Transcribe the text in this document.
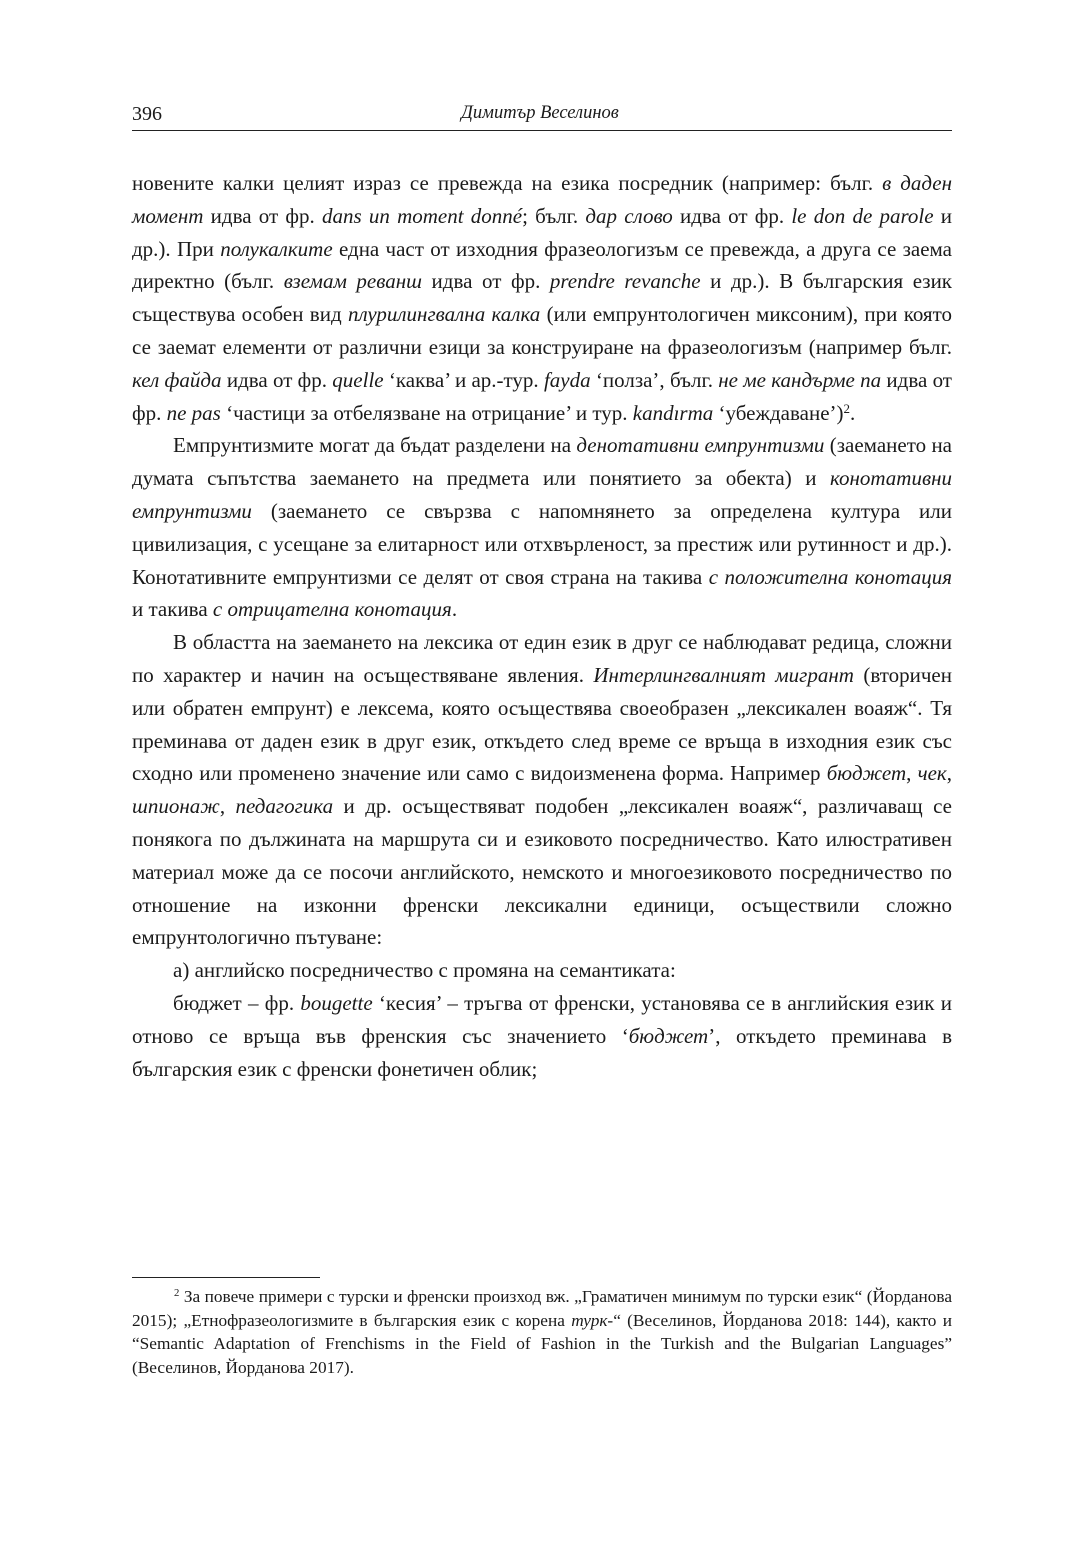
396	Димитър Веселинов

новените калки целият израз се превежда на езика посредник (например: бълг. в даден момент идва от фр. dans un moment donné; бълг. дар слово идва от фр. le don de parole и др.). При полукалките една част от изходния фразеологизъм се превежда, а друга се заема директно (бълг. вземам реванш идва от фр. prendre revanche и др.). В българския език съществува особен вид плурилингвална калка (или емпрунтологичен миксоним), при която се заемат елементи от различни езици за конструиране на фразеологизъм (например бълг. кел файда идва от фр. quelle ‘каква’ и ар.-тур. fayda ‘полза’, бълг. не ме кандърме па идва от фр. ne pas ‘частици за отбелязване на отрицание’ и тур. kandırma ‘убеждаване’)$^2$.

Емпрунтизмите могат да бъдат разделени на денотативни емпрунтизми (заемането на думата съпътства заемането на предмета или понятието за обекта) и конотативни емпрунтизми (заемането се свързва с напомнянето за определена култура или цивилизация, с усещане за елитарност или отхвърленост, за престиж или рутинност и др.). Конотативните емпрунтизми се делят от своя страна на такива с положителна конотация и такива с отрицателна конотация.

В областта на заемането на лексика от един език в друг се наблюдават редица, сложни по характер и начин на осъществяване явления. Интерлингвалният мигрант (вторичен или обратен емпрунт) е лексема, която осъществява своеобразен „лексикален воаяж“. Тя преминава от даден език в друг език, откъдето след време се връща в изходния език със сходно или променено значение или само с видоизменена форма. Например бюджет, чек, шпионаж, педагогика и др. осъществяват подобен „лексикален воаяж“, различаващ се понякога по дължината на маршрута си и езиковото посредничество. Като илюстративен материал може да се посочи английското, немското и многоезиковото посредничество по отношение на изконни френски лексикални единици, осъществили сложно емпрунтологично пътуване:

а) английско посредничество с промяна на семантиката:

бюджет – фр. bougette ‘кесия’ – тръгва от френски, установява се в английския език и отново се връща във френския със значението ‘бюджет’, откъдето преминава в българския език с френски фонетичен облик;

$^2$ За повече примери с турски и френски произход вж. „Граматичен минимум по турски език“ (Йорданова 2015); „Етнофразеологизмите в българския език с корена турк-“ (Веселинов, Йорданова 2018: 144), както и “Semantic Adaptation of Frenchisms in the Field of Fashion in the Turkish and the Bulgarian Languages” (Веселинов, Йорданова 2017).
